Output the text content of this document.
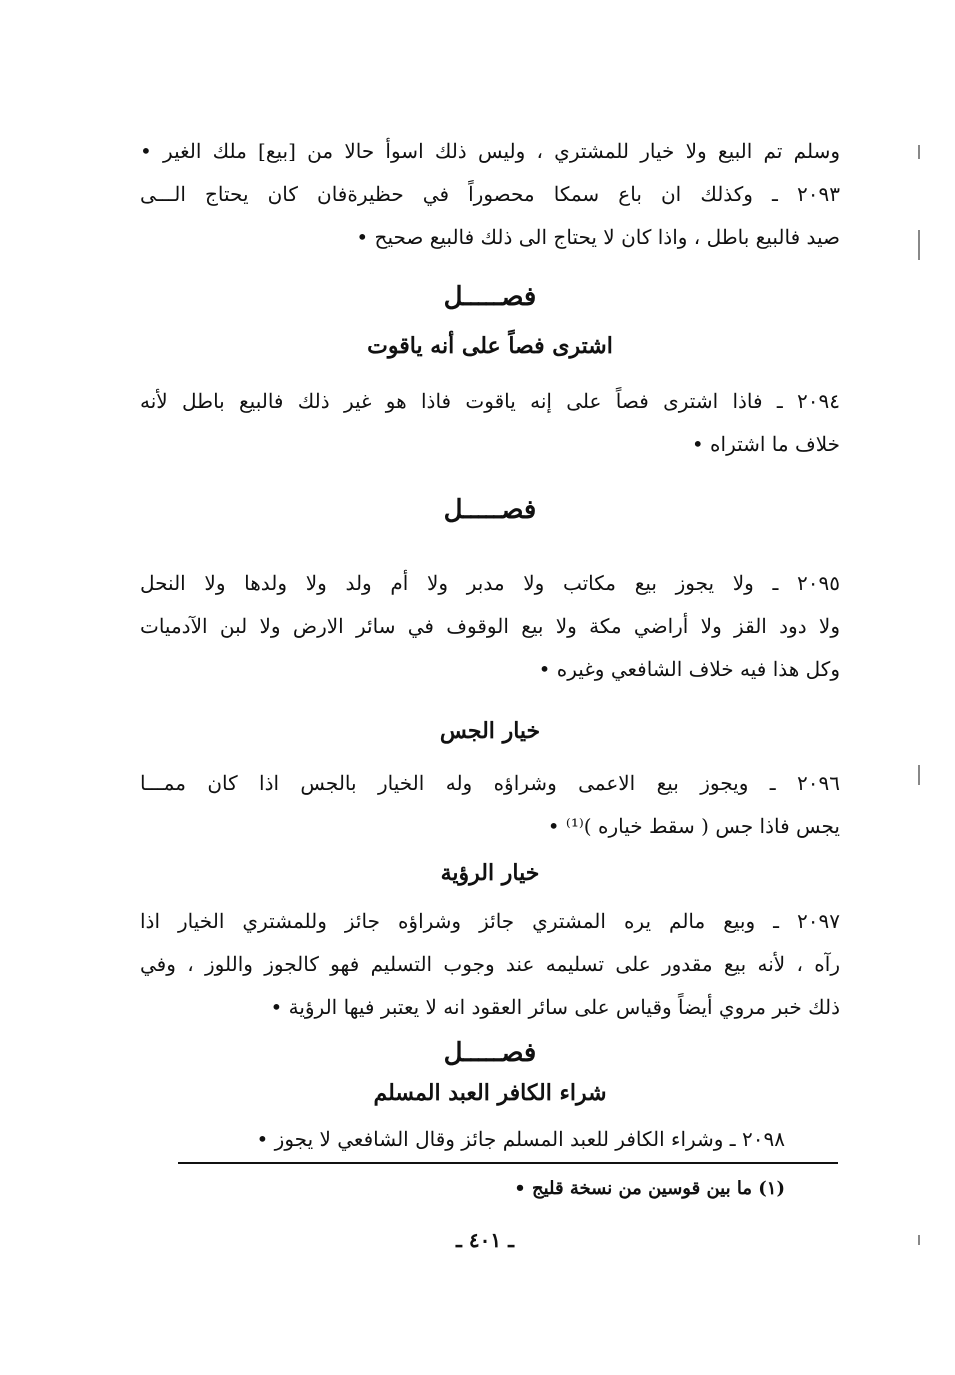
وسلم تم البيع ولا خيار للمشتري ، وليس ذلك اسوأ حالا من [بيع] ملك الغير •
٢٠٩٣ ـ وكذلك ان باع سمكا محصوراً في حظيرةفان كان يحتاج الـــى
صيد فالبيع باطل ، واذا كان لا يحتاج الى ذلك فالبيع صحيح •
فصـــــل
اشترى فصاً على أنه ياقوت
٢٠٩٤ ـ فاذا اشترى فصاً على إنه ياقوت فاذا هو غير ذلك فالبيع باطل لأنه
خلاف ما اشتراه •
فصـــــل
٢٠٩٥ ـ ولا يجوز بيع مكاتب ولا مدبر ولا أم ولد ولا ولدها ولا النحل
ولا دود القز ولا أراضي مكة ولا بيع الوقوف في سائر الارض ولا لبن الآدميات
وكل هذا فيه خلاف الشافعي وغيره •
خيار الجس
٢٠٩٦ ـ ويجوز بيع الاعمى وشراؤه وله الخيار بالجس اذا كان ممـــا
يجس فاذا جس ( سقط خياره )⁽¹⁾ •
خيار الرؤية
٢٠٩٧ ـ وبيع مالم يره المشتري جائز وشراؤه جائز وللمشتري الخيار اذا
رآه ، لأنه بيع مقدور على تسليمه عند وجوب التسليم فهو كالجوز واللوز ، وفي
ذلك خبر مروي أيضاً وقياس على سائر العقود انه لا يعتبر فيها الرؤية •
فصـــــل
شراء الكافر العبد المسلم
٢٠٩٨ ـ وشراء الكافر للعبد المسلم جائز وقال الشافعي لا يجوز •
(١) ما بين قوسين من نسخة قليج •
ـ ٤٠١ ـ
